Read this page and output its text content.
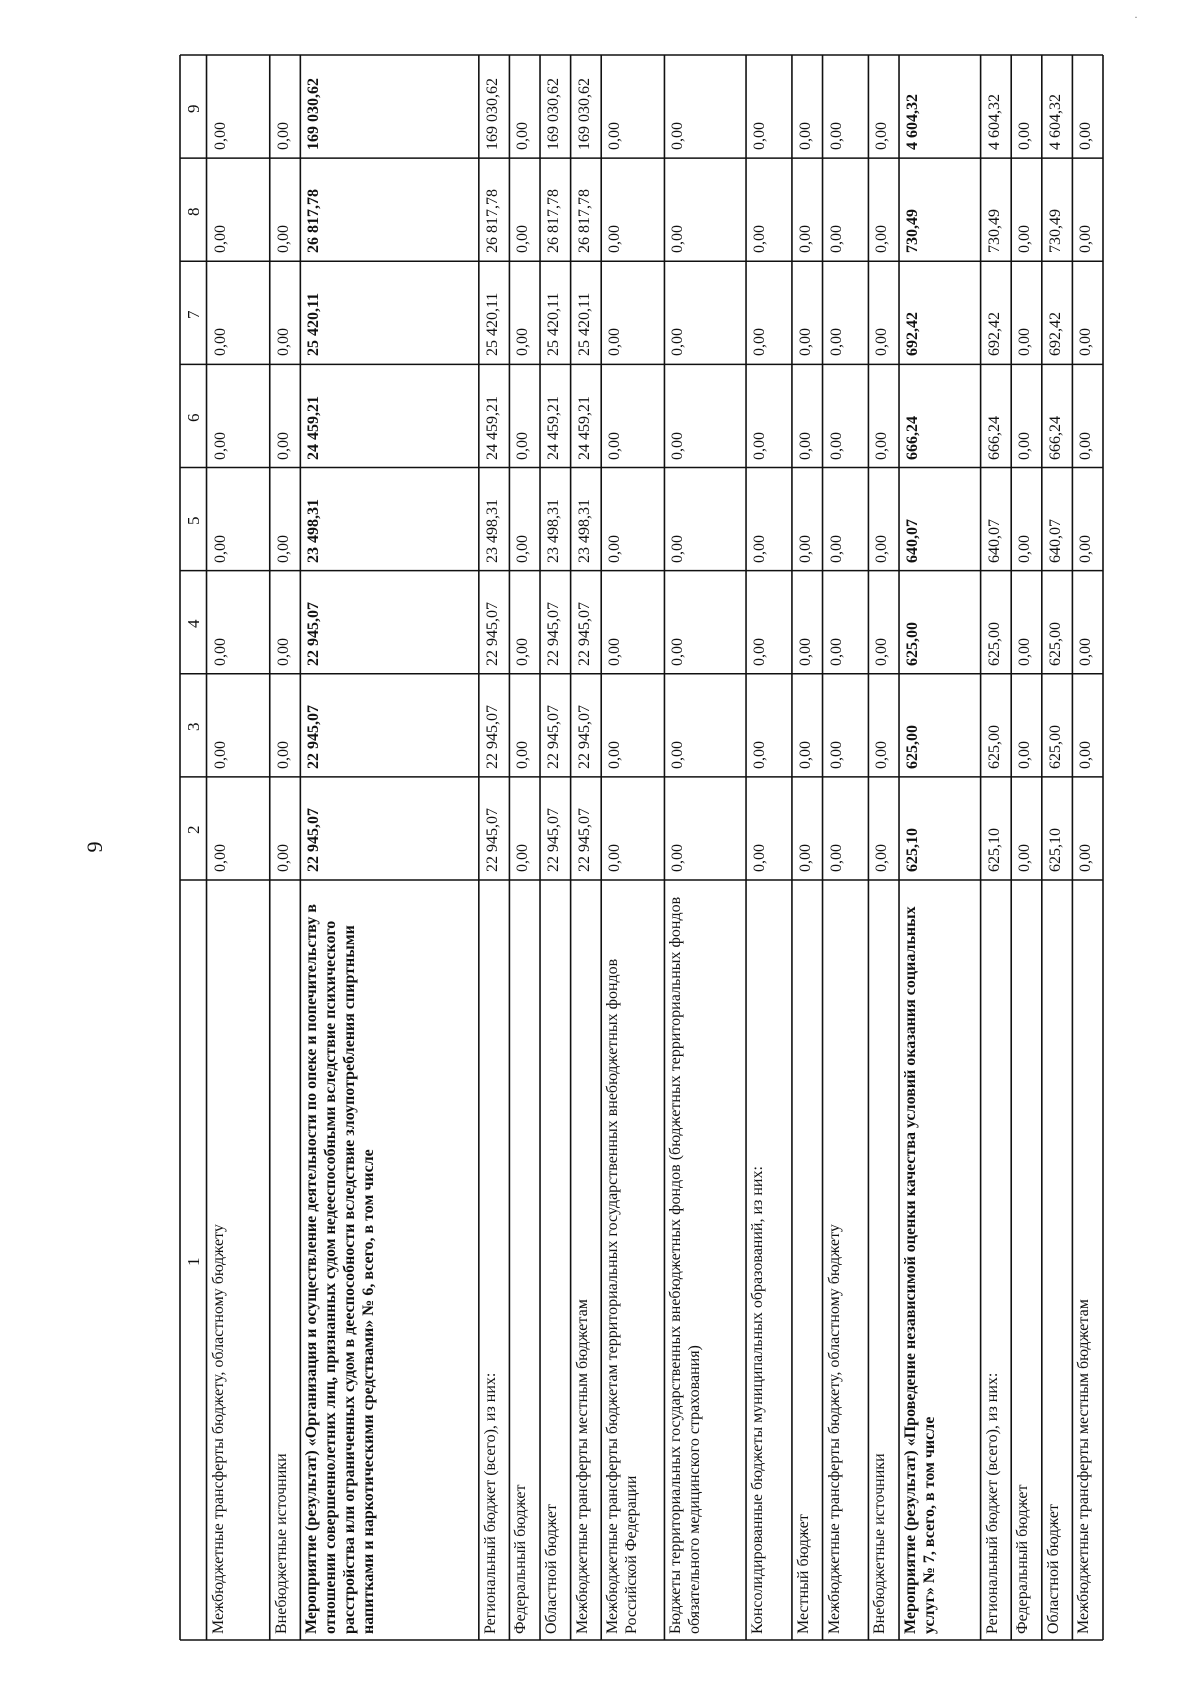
9
·
1
2
3
4
5
6
7
8
9
Межбюджетные трансферты бюджету, областному бюджету
0,00
0,00
0,00
0,00
0,00
0,00
0,00
0,00
Внебюджетные источники
0,00
0,00
0,00
0,00
0,00
0,00
0,00
0,00
Мероприятие (результат) «Организация и осуществление деятельности по опеке и попечительству в отношении совершеннолетних лиц, признанных судом недееспособными вследствие психического расстройства или ограниченных судом в дееспособности вследствие злоупотребления спиртными напитками и наркотическими средствами» № 6, всего, в том числе
22 945,07
22 945,07
22 945,07
23 498,31
24 459,21
25 420,11
26 817,78
169 030,62
Региональный бюджет (всего), из них:
22 945,07
22 945,07
22 945,07
23 498,31
24 459,21
25 420,11
26 817,78
169 030,62
Федеральный бюджет
0,00
0,00
0,00
0,00
0,00
0,00
0,00
0,00
Областной бюджет
22 945,07
22 945,07
22 945,07
23 498,31
24 459,21
25 420,11
26 817,78
169 030,62
Межбюджетные трансферты местным бюджетам
22 945,07
22 945,07
22 945,07
23 498,31
24 459,21
25 420,11
26 817,78
169 030,62
Межбюджетные трансферты бюджетам территориальных государственных внебюджетных фондов Российской Федерации
0,00
0,00
0,00
0,00
0,00
0,00
0,00
0,00
Бюджеты территориальных государственных внебюджетных фондов (бюджетных территориальных фондов обязательного медицинского страхования)
0,00
0,00
0,00
0,00
0,00
0,00
0,00
0,00
Консолидированные бюджеты муниципальных образований, из них:
0,00
0,00
0,00
0,00
0,00
0,00
0,00
0,00
Местный бюджет
0,00
0,00
0,00
0,00
0,00
0,00
0,00
0,00
Межбюджетные трансферты бюджету, областному бюджету
0,00
0,00
0,00
0,00
0,00
0,00
0,00
0,00
Внебюджетные источники
0,00
0,00
0,00
0,00
0,00
0,00
0,00
0,00
Мероприятие (результат) «Проведение независимой оценки качества условий оказания социальных услуг» № 7, всего, в том числе
625,10
625,00
625,00
640,07
666,24
692,42
730,49
4 604,32
Региональный бюджет (всего), из них:
625,10
625,00
625,00
640,07
666,24
692,42
730,49
4 604,32
Федеральный бюджет
0,00
0,00
0,00
0,00
0,00
0,00
0,00
0,00
Областной бюджет
625,10
625,00
625,00
640,07
666,24
692,42
730,49
4 604,32
Межбюджетные трансферты местным бюджетам
0,00
0,00
0,00
0,00
0,00
0,00
0,00
0,00
